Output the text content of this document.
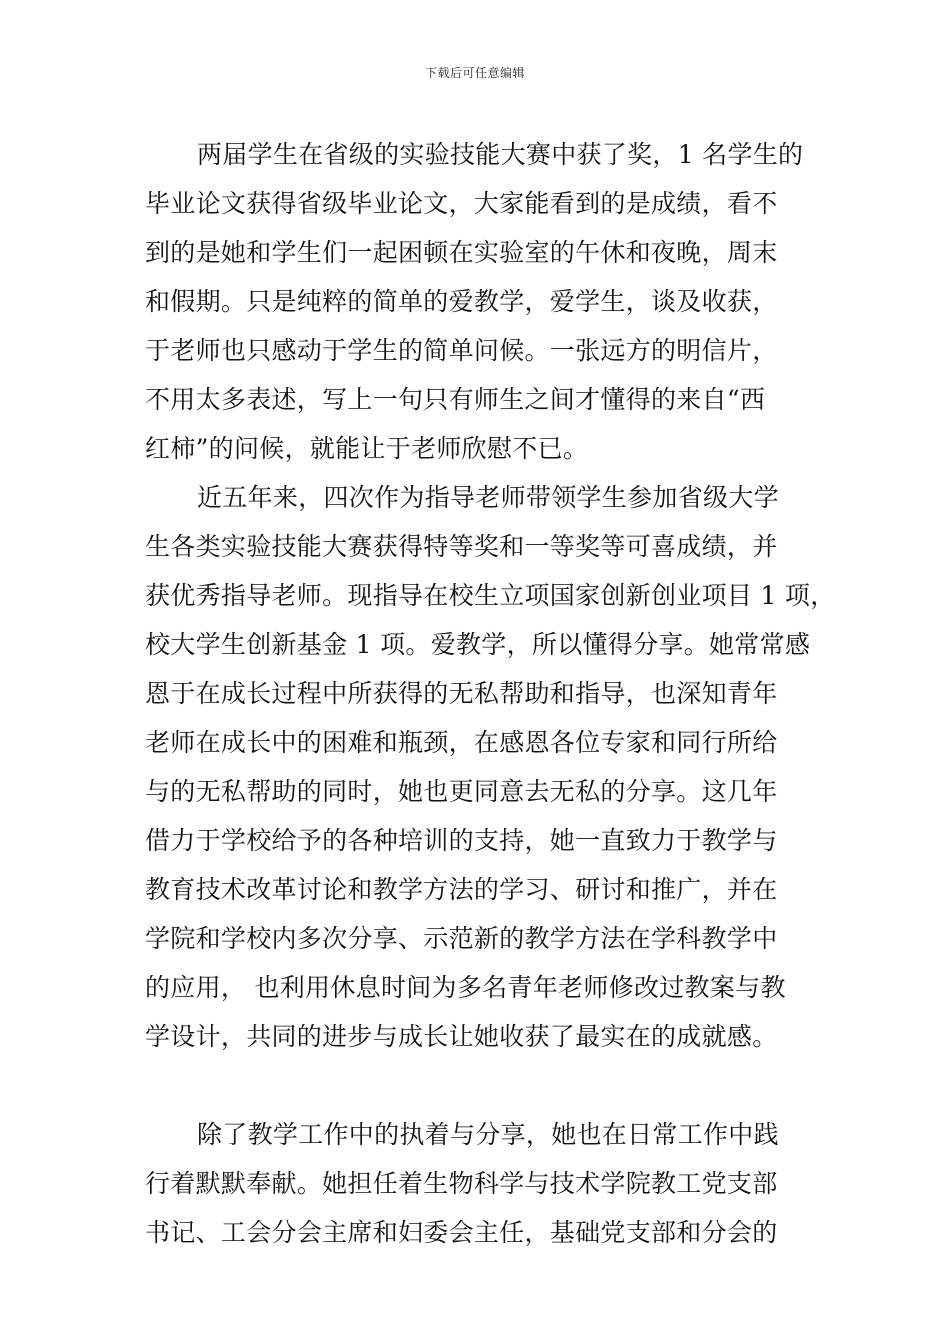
下载后可任意编辑
两届学生在省级的实验技能大赛中获了奖，1 名学生的
毕业论文获得省级毕业论文，大家能看到的是成绩，看不
到的是她和学生们一起困顿在实验室的午休和夜晚，周末
和假期。只是纯粹的简单的爱教学，爱学生，谈及收获，
于老师也只感动于学生的简单问候。一张远方的明信片，
不用太多表述，写上一句只有师生之间才懂得的来自“西
红柿”的问候，就能让于老师欣慰不已。
近五年来，四次作为指导老师带领学生参加省级大学
生各类实验技能大赛获得特等奖和一等奖等可喜成绩，并
获优秀指导老师。现指导在校生立项国家创新创业项目 1 项，
校大学生创新基金 1 项。爱教学，所以懂得分享。她常常感
恩于在成长过程中所获得的无私帮助和指导，也深知青年
老师在成长中的困难和瓶颈，在感恩各位专家和同行所给
与的无私帮助的同时，她也更同意去无私的分享。这几年
借力于学校给予的各种培训的支持，她一直致力于教学与
教育技术改革讨论和教学方法的学习、研讨和推广，并在
学院和学校内多次分享、示范新的教学方法在学科教学中
的应用， 也利用休息时间为多名青年老师修改过教案与教
学设计，共同的进步与成长让她收获了最实在的成就感。
除了教学工作中的执着与分享，她也在日常工作中践
行着默默奉献。她担任着生物科学与技术学院教工党支部
书记、工会分会主席和妇委会主任，基础党支部和分会的
